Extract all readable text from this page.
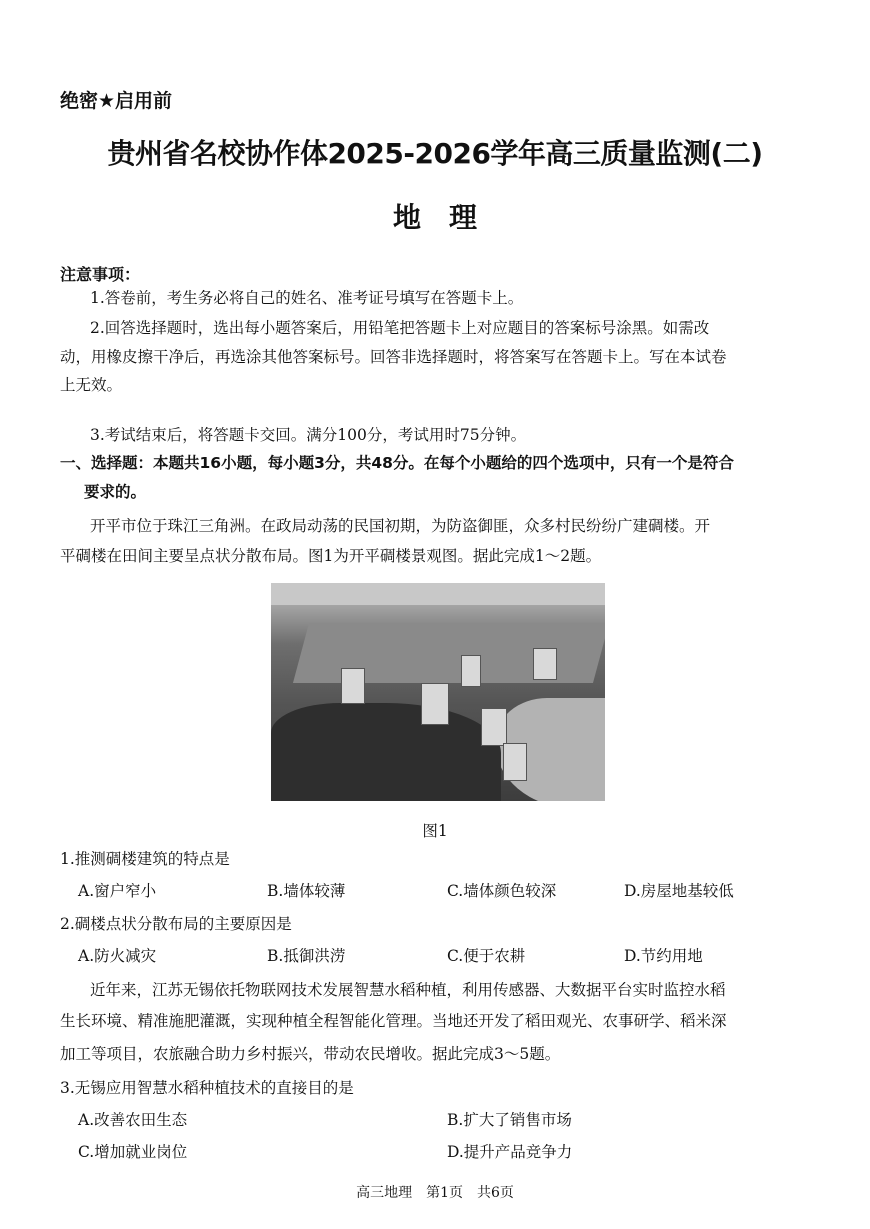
绝密★启用前
贵州省名校协作体2025-2026学年高三质量监测(二)
地理
注意事项：
1.答卷前，考生务必将自己的姓名、准考证号填写在答题卡上。
2.回答选择题时，选出每小题答案后，用铅笔把答题卡上对应题目的答案标号涂黑。如需改
动，用橡皮擦干净后，再选涂其他答案标号。回答非选择题时，将答案写在答题卡上。写在本试卷
上无效。
3.考试结束后，将答题卡交回。满分100分，考试用时75分钟。
一、选择题：本题共16小题，每小题3分，共48分。在每个小题给的四个选项中，只有一个是符合
要求的。
开平市位于珠江三角洲。在政局动荡的民国初期，为防盗御匪，众多村民纷纷广建碉楼。开
平碉楼在田间主要呈点状分散布局。图1为开平碉楼景观图。据此完成1～2题。
图1
1.推测碉楼建筑的特点是
A.窗户窄小	B.墙体较薄	C.墙体颜色较深	D.房屋地基较低
2.碉楼点状分散布局的主要原因是
A.防火减灾	B.抵御洪涝	C.便于农耕	D.节约用地
近年来，江苏无锡依托物联网技术发展智慧水稻种植，利用传感器、大数据平台实时监控水稻
生长环境、精准施肥灌溉，实现种植全程智能化管理。当地还开发了稻田观光、农事研学、稻米深
加工等项目，农旅融合助力乡村振兴，带动农民增收。据此完成3～5题。
3.无锡应用智慧水稻种植技术的直接目的是
A.改善农田生态	B.扩大了销售市场
C.增加就业岗位	D.提升产品竞争力
高三地理　第1页　共6页
